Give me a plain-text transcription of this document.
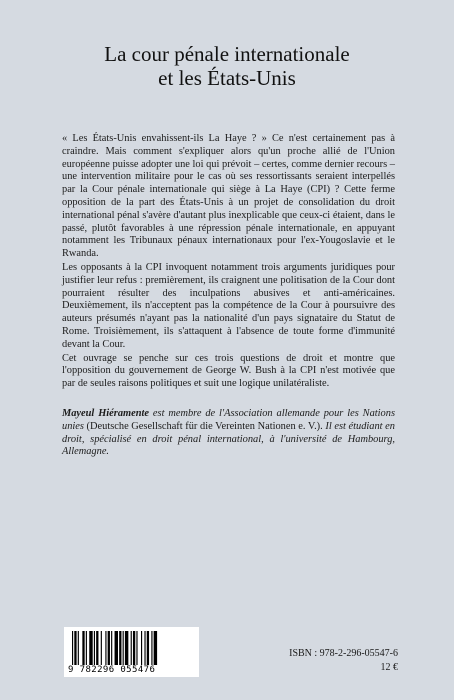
La cour pénale internationale
et les États-Unis

« Les États-Unis envahissent-ils La Haye ? » Ce n'est certainement pas à craindre. Mais comment s'expliquer alors qu'un proche allié de l'Union européenne puisse adopter une loi qui prévoit – certes, comme dernier recours – une intervention militaire pour le cas où ses ressortissants seraient interpellés par la Cour pénale internationale qui siège à La Haye (CPI) ? Cette ferme opposition de la part des États-Unis à un projet de consolidation du droit international pénal s'avère d'autant plus inexplicable que ceux-ci étaient, dans le passé, plutôt favorables à une répression pénale internationale, en appuyant notamment les Tribunaux pénaux internationaux pour l'ex-Yougoslavie et le Rwanda.

Les opposants à la CPI invoquent notamment trois arguments juridiques pour justifier leur refus : premièrement, ils craignent une politisation de la Cour dont pourraient résulter des inculpations abusives et anti-américaines. Deuxièmement, ils n'acceptent pas la compétence de la Cour à poursuivre des auteurs présumés n'ayant pas la nationalité d'un pays signataire du Statut de Rome. Troisièmement, ils s'attaquent à l'absence de toute forme d'immunité devant la Cour.

Cet ouvrage se penche sur ces trois questions de droit et montre que l'opposition du gouvernement de George W. Bush à la CPI n'est motivée que par de seules raisons politiques et suit une logique unilatéraliste.

Mayeul Hiéramente est membre de l'Association allemande pour les Nations unies (Deutsche Gesellschaft für die Vereinten Nationen e. V.). Il est étudiant en droit, spécialisé en droit pénal international, à l'université de Hambourg, Allemagne.

9 782296 055476
ISBN : 978-2-296-05547-6
12 €
